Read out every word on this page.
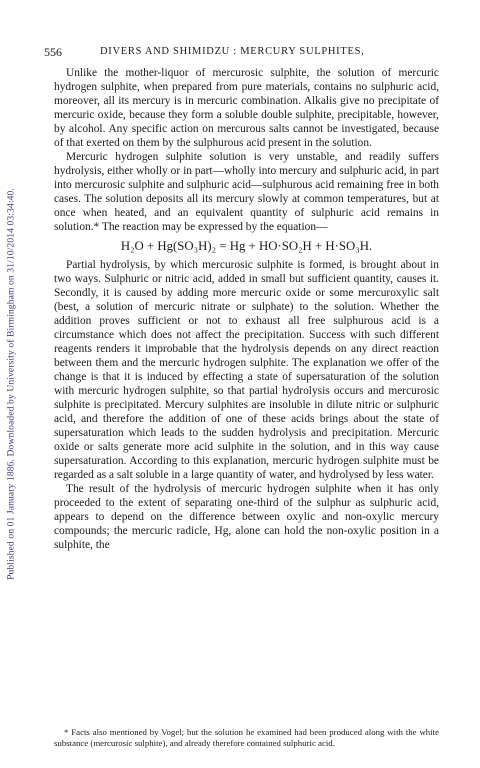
Published on 01 January 1886. Downloaded by University of Birmingham on 31/10/2014 03:34:40.
556	DIVERS AND SHIMIDZU : MERCURY SULPHITES,

Unlike the mother-liquor of mercurosic sulphite, the solution of mercuric hydrogen sulphite, when prepared from pure materials, contains no sulphuric acid, moreover, all its mercury is in mercuric combination. Alkalis give no precipitate of mercuric oxide, because they form a soluble double sulphite, precipitable, however, by alcohol. Any specific action on mercurous salts cannot be investigated, because of that exerted on them by the sulphurous acid present in the solution.

Mercuric hydrogen sulphite solution is very unstable, and readily suffers hydrolysis, either wholly or in part—wholly into mercury and sulphuric acid, in part into mercurosic sulphite and sulphuric acid—sulphurous acid remaining free in both cases. The solution deposits all its mercury slowly at common temperatures, but at once when heated, and an equivalent quantity of sulphuric acid remains in solution.* The reaction may be expressed by the equation—

H₂O + Hg(SO₃H)₂ = Hg + HO·SO₂H + H·SO₃H.

Partial hydrolysis, by which mercurosic sulphite is formed, is brought about in two ways. Sulphuric or nitric acid, added in small but sufficient quantity, causes it. Secondly, it is caused by adding more mercuric oxide or some mercuroxylic salt (best, a solution of mercuric nitrate or sulphate) to the solution. Whether the addition proves sufficient or not to exhaust all free sulphurous acid is a circumstance which does not affect the precipitation. Success with such different reagents renders it improbable that the hydrolysis depends on any direct reaction between them and the mercuric hydrogen sulphite. The explanation we offer of the change is that it is induced by effecting a state of supersaturation of the solution with mercuric hydrogen sulphite, so that partial hydrolysis occurs and mercurosic sulphite is precipitated. Mercury sulphites are insoluble in dilute nitric or sulphuric acid, and therefore the addition of one of these acids brings about the state of supersaturation which leads to the sudden hydrolysis and precipitation. Mercuric oxide or salts generate more acid sulphite in the solution, and in this way cause supersaturation. According to this explanation, mercuric hydrogen sulphite must be regarded as a salt soluble in a large quantity of water, and hydrolysed by less water.

The result of the hydrolysis of mercuric hydrogen sulphite when it has only proceeded to the extent of separating one-third of the sulphur as sulphuric acid, appears to depend on the difference between oxylic and non-oxylic mercury compounds; the mercuric radicle, Hg, alone can hold the non-oxylic position in a sulphite, the

* Facts also mentioned by Vogel; but the solution he examined had been produced along with the white substance (mercurosic sulphite), and already therefore contained sulphuric acid.
